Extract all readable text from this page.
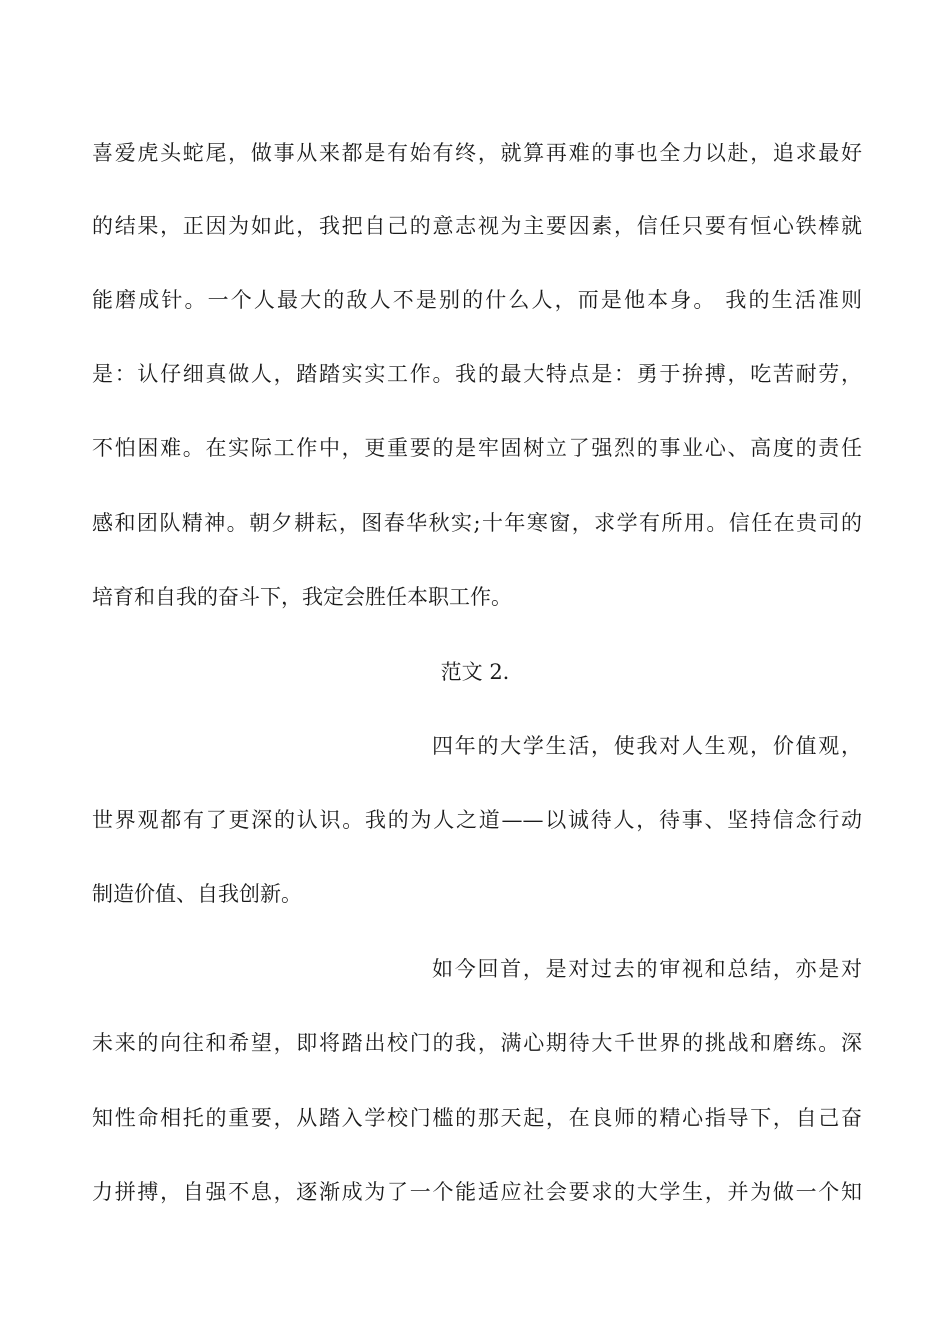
喜爱虎头蛇尾，做事从来都是有始有终，就算再难的事也全力以赴，追求最好
的结果，正因为如此，我把自己的意志视为主要因素，信任只要有恒心铁棒就
能磨成针。一个人最大的敌人不是别的什么人，而是他本身。 我的生活准则
是：认仔细真做人，踏踏实实工作。我的最大特点是：勇于拚搏，吃苦耐劳，
不怕困难。在实际工作中，更重要的是牢固树立了强烈的事业心、高度的责任
感和团队精神。朝夕耕耘，图春华秋实;十年寒窗，求学有所用。信任在贵司的
培育和自我的奋斗下，我定会胜任本职工作。
范文 2.
四年的大学生活，使我对人生观，价值观，
世界观都有了更深的认识。我的为人之道——以诚待人，待事、坚持信念行动
制造价值、自我创新。
如今回首，是对过去的审视和总结，亦是对
未来的向往和希望，即将踏出校门的我，满心期待大千世界的挑战和磨练。深
知性命相托的重要，从踏入学校门槛的那天起，在良师的精心指导下，自己奋
力拼搏，自强不息，逐渐成为了一个能适应社会要求的大学生，并为做一个知
